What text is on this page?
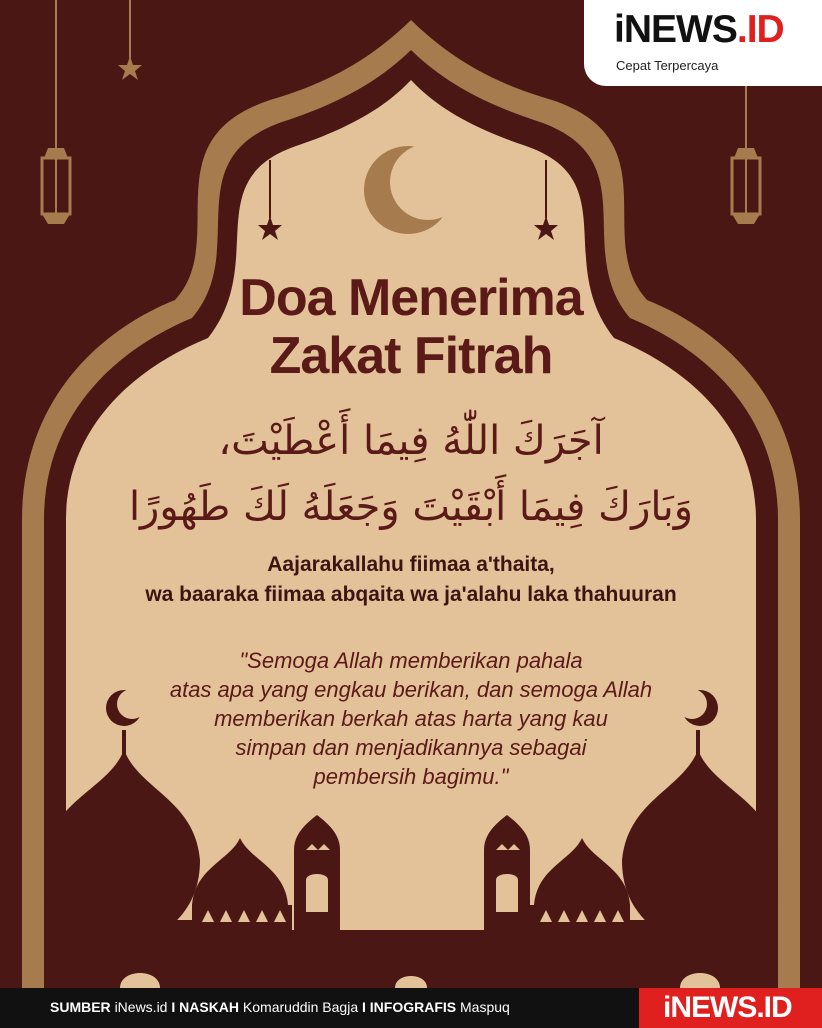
iNEWS.ID
Cepat Terpercaya
Doa Menerima
Zakat Fitrah
آجَرَكَ اللّٰهُ فِيمَا أَعْطَيْتَ،
وَبَارَكَ فِيمَا أَبْقَيْتَ وَجَعَلَهُ لَكَ طَهُورًا
Aajarakallahu fiimaa a'thaita,
wa baaraka fiimaa abqaita wa ja'alahu laka thahuuran
"Semoga Allah memberikan pahala
atas apa yang engkau berikan, dan semoga Allah
memberikan berkah atas harta yang kau
simpan dan menjadikannya sebagai
pembersih bagimu."
SUMBER iNews.id I NASKAH Komaruddin Bagja I INFOGRAFIS Maspuq	iNEWS.ID
